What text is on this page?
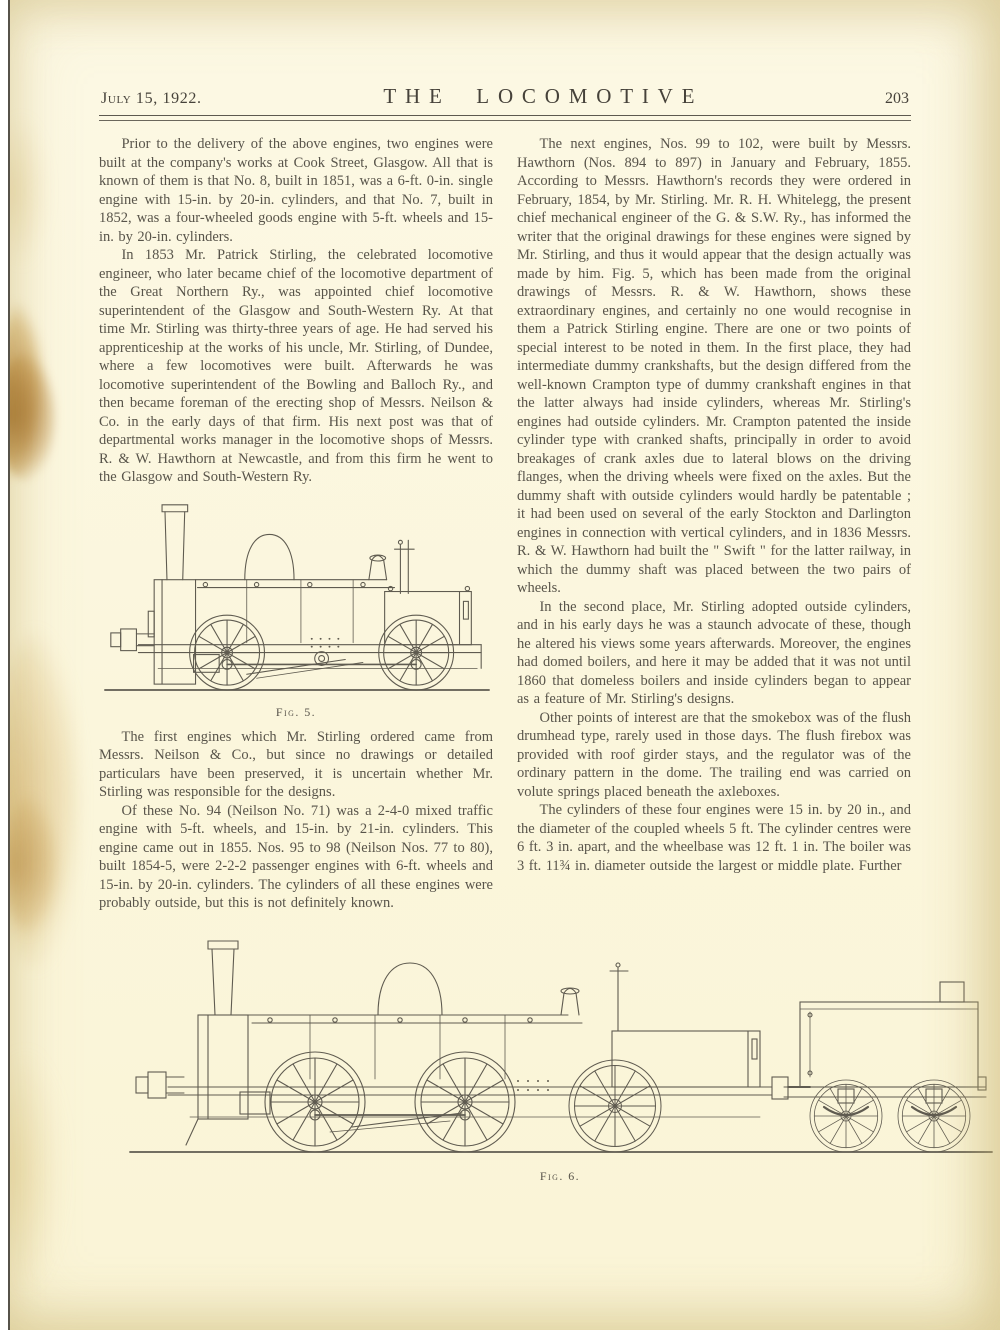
July 15, 1922.	THE LOCOMOTIVE	203

Prior to the delivery of the above engines, two engines were built at the company's works at Cook Street, Glasgow. All that is known of them is that No. 8, built in 1851, was a 6-ft. 0-in. single engine with 15-in. by 20-in. cylinders, and that No. 7, built in 1852, was a four-wheeled goods engine with 5-ft. wheels and 15-in. by 20-in. cylinders.

In 1853 Mr. Patrick Stirling, the celebrated locomotive engineer, who later became chief of the locomotive department of the Great Northern Ry., was appointed chief locomotive superintendent of the Glasgow and South-Western Ry. At that time Mr. Stirling was thirty-three years of age. He had served his apprenticeship at the works of his uncle, Mr. Stirling, of Dundee, where a few locomotives were built. Afterwards he was locomotive superintendent of the Bowling and Balloch Ry., and then became foreman of the erecting shop of Messrs. Neilson & Co. in the early days of that firm. His next post was that of departmental works manager in the locomotive shops of Messrs. R. & W. Hawthorn at Newcastle, and from this firm he went to the Glasgow and South-Western Ry.

Fig. 5.

The first engines which Mr. Stirling ordered came from Messrs. Neilson & Co., but since no drawings or detailed particulars have been preserved, it is uncertain whether Mr. Stirling was responsible for the designs.

Of these No. 94 (Neilson No. 71) was a 2-4-0 mixed traffic engine with 5-ft. wheels, and 15-in. by 21-in. cylinders. This engine came out in 1855. Nos. 95 to 98 (Neilson Nos. 77 to 80), built 1854-5, were 2-2-2 passenger engines with 6-ft. wheels and 15-in. by 20-in. cylinders. The cylinders of all these engines were probably outside, but this is not definitely known.

The next engines, Nos. 99 to 102, were built by Messrs. Hawthorn (Nos. 894 to 897) in January and February, 1855. According to Messrs. Hawthorn's records they were ordered in February, 1854, by Mr. Stirling. Mr. R. H. Whitelegg, the present chief mechanical engineer of the G. & S.W. Ry., has informed the writer that the original drawings for these engines were signed by Mr. Stirling, and thus it would appear that the design actually was made by him. Fig. 5, which has been made from the original drawings of Messrs. R. & W. Hawthorn, shows these extraordinary engines, and certainly no one would recognise in them a Patrick Stirling engine. There are one or two points of special interest to be noted in them. In the first place, they had intermediate dummy crankshafts, but the design differed from the well-known Crampton type of dummy crankshaft engines in that the latter always had inside cylinders, whereas Mr. Stirling's engines had outside cylinders. Mr. Crampton patented the inside cylinder type with cranked shafts, principally in order to avoid breakages of crank axles due to lateral blows on the driving flanges, when the driving wheels were fixed on the axles. But the dummy shaft with outside cylinders would hardly be patentable ; it had been used on several of the early Stockton and Darlington engines in connection with vertical cylinders, and in 1836 Messrs. R. & W. Hawthorn had built the " Swift " for the latter railway, in which the dummy shaft was placed between the two pairs of wheels.

In the second place, Mr. Stirling adopted outside cylinders, and in his early days he was a staunch advocate of these, though he altered his views some years afterwards. Moreover, the engines had domed boilers, and here it may be added that it was not until 1860 that domeless boilers and inside cylinders began to appear as a feature of Mr. Stirling's designs.

Other points of interest are that the smokebox was of the flush drumhead type, rarely used in those days. The flush firebox was provided with roof girder stays, and the regulator was of the ordinary pattern in the dome. The trailing end was carried on volute springs placed beneath the axleboxes.

The cylinders of these four engines were 15 in. by 20 in., and the diameter of the coupled wheels 5 ft. The cylinder centres were 6 ft. 3 in. apart, and the wheelbase was 12 ft. 1 in. The boiler was 3 ft. 11¾ in. diameter outside the largest or middle plate. Further

Fig. 6.
